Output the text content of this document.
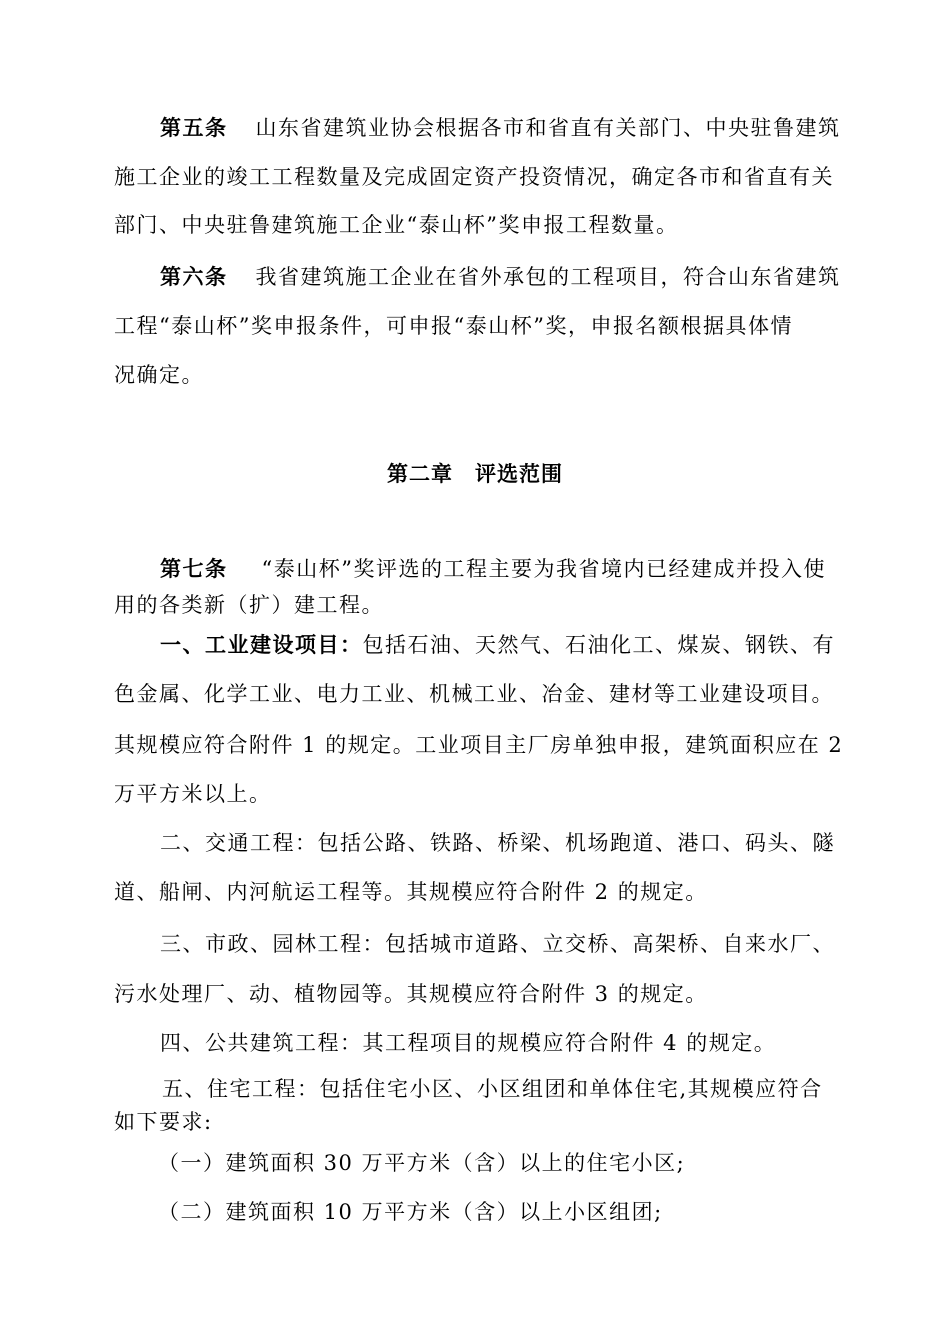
第五条 山东省建筑业协会根据各市和省直有关部门、中央驻鲁建筑
施工企业的竣工工程数量及完成固定资产投资情况，确定各市和省直有关
部门、中央驻鲁建筑施工企业“泰山杯”奖申报工程数量。
第六条 我省建筑施工企业在省外承包的工程项目，符合山东省建筑
工程“泰山杯”奖申报条件，可申报“泰山杯”奖，申报名额根据具体情
况确定。
第二章 评选范围
第七条 “泰山杯”奖评选的工程主要为我省境内已经建成并投入使
用的各类新（扩）建工程。
一、工业建设项目：包括石油、天然气、石油化工、煤炭、钢铁、有
色金属、化学工业、电力工业、机械工业、冶金、建材等工业建设项目。
其规模应符合附件 1 的规定。工业项目主厂房单独申报，建筑面积应在 2
万平方米以上。
二、交通工程：包括公路、铁路、桥梁、机场跑道、港口、码头、隧
道、船闸、内河航运工程等。其规模应符合附件 2 的规定。
三、市政、园林工程：包括城市道路、立交桥、高架桥、自来水厂、
污水处理厂、动、植物园等。其规模应符合附件 3 的规定。
四、公共建筑工程：其工程项目的规模应符合附件 4 的规定。
五、住宅工程：包括住宅小区、小区组团和单体住宅,其规模应符合
如下要求:
（一）建筑面积 30 万平方米（含）以上的住宅小区;
（二）建筑面积 10 万平方米（含）以上小区组团;
